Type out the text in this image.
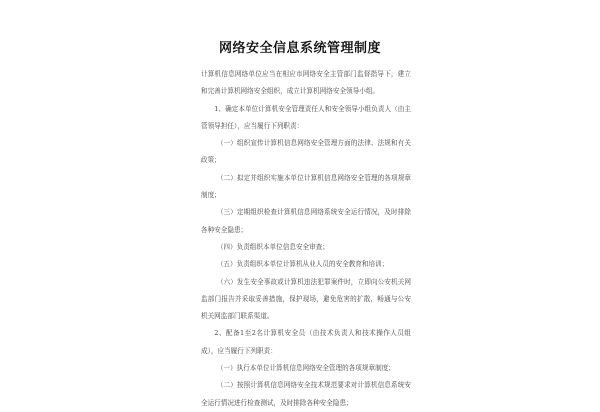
网络安全信息系统管理制度

计算机信息网络单位应当在相应市网络安全主管部门监督指导下，建立和完善计算机网络安全组织，成立计算机网络安全领导小组。

1、确定本单位计算机安全管理责任人和安全领导小组负责人（由主管领导担任），应当履行下列职责：

（一）组织宣传计算机信息网络安全管理方面的法律、法规和有关政策；

（二）拟定并组织实施本单位计算机信息网络安全管理的各项规章制度；

（三）定期组织检查计算机信息网络系统安全运行情况，及时排除各种安全隐患；

（四）负责组织本单位信息安全审查；

（五）负责组织本单位计算机从业人员的安全教育和培训；

（六）发生安全事故或计算机违法犯罪案件时，立即向公安机关网监部门报告并采取妥善措施，保护现场，避免危害的扩散，畅通与公安机关网监部门联系渠道。

2、配备1至2名计算机安全员（由技术负责人和技术操作人员组成），应当履行下列职责：

（一）执行本单位计算机信息网络安全管理的各项规章制度；

（二）按照计算机信息网络安全技术规范要求对计算机信息系统安全运行情况进行检查测试，及时排除各种安全隐患；
